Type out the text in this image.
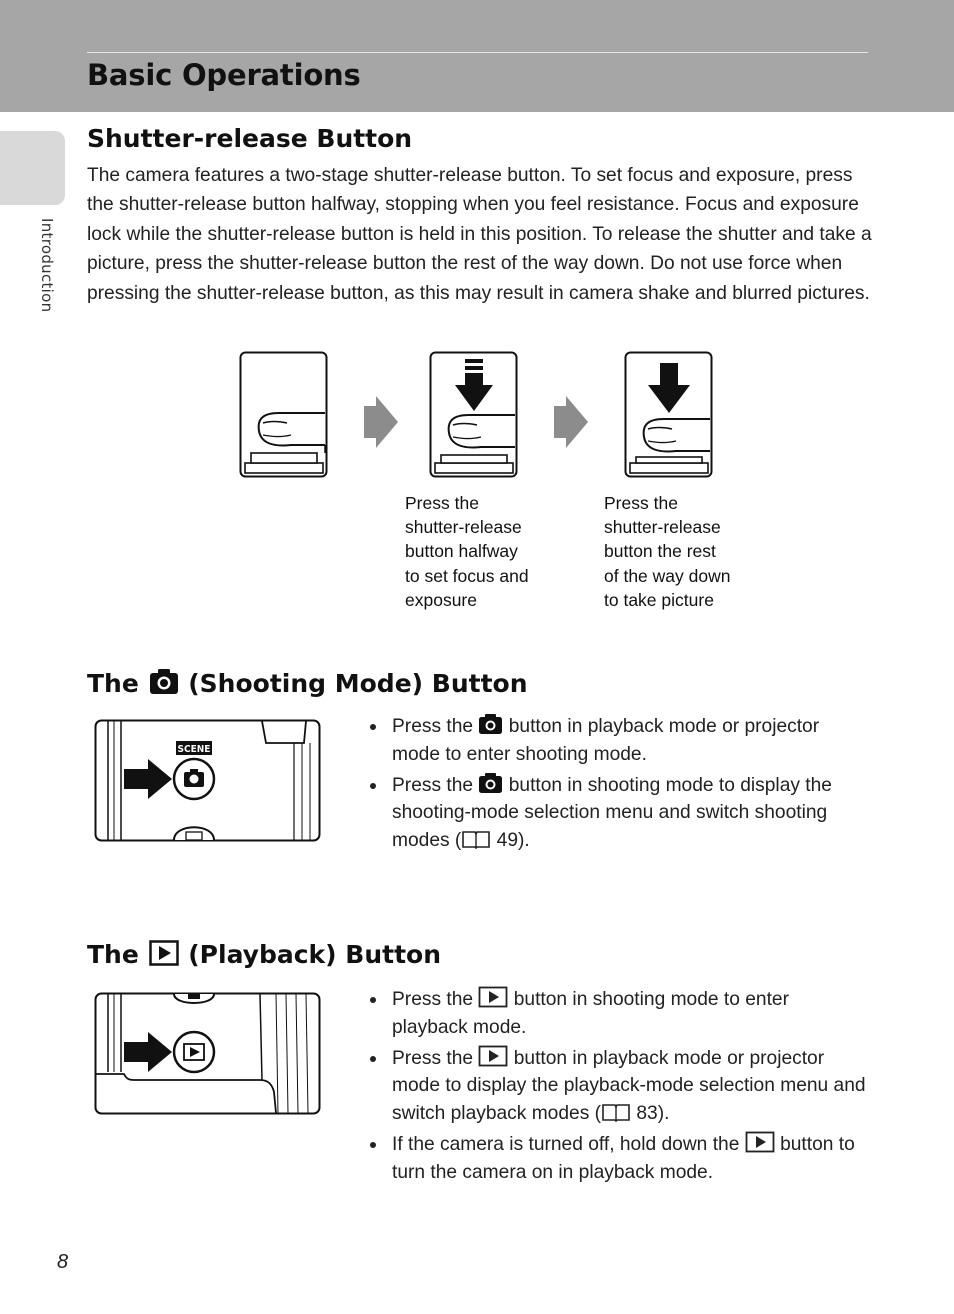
Basic Operations
Introduction
Shutter-release Button

The camera features a two-stage shutter-release button. To set focus and exposure, press the shutter-release button halfway, stopping when you feel resistance. Focus and exposure lock while the shutter-release button is held in this position. To release the shutter and take a picture, press the shutter-release button the rest of the way down. Do not use force when pressing the shutter-release button, as this may result in camera shake and blurred pictures.

Press the
shutter-release
button halfway
to set focus and
exposure
Press the
shutter-release
button the rest
of the way down
to take picture
The (Shooting Mode) Button
SCENE
Press the button in playback mode or projector mode to enter shooting mode.
Press the button in shooting mode to display the shooting-mode selection menu and switch shooting modes ( 49).
The (Playback) Button
Press the button in shooting mode to enter playback mode.
Press the button in playback mode or projector mode to display the playback-mode selection menu and switch playback modes ( 83).
If the camera is turned off, hold down the button to turn the camera on in playback mode.
8
